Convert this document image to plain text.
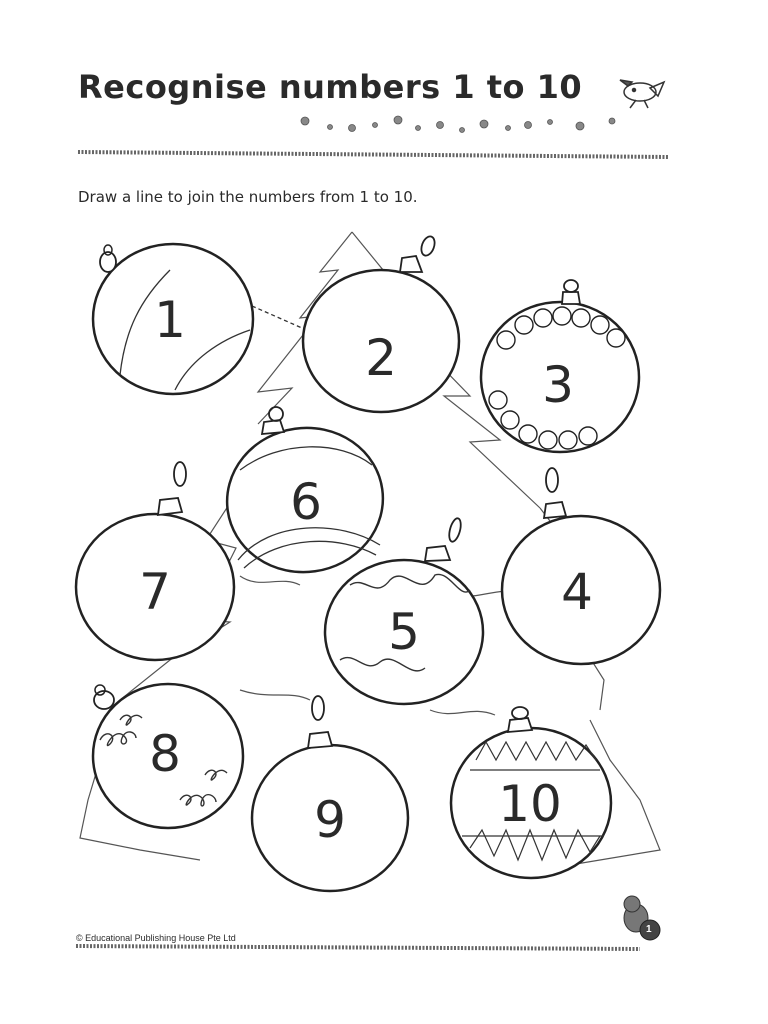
1
2	3
6
7
5
4
8
9	10
Recognise numbers 1 to 10
Draw a line to join the numbers from 1 to 10.
© Educational Publishing House Pte Ltd
1
